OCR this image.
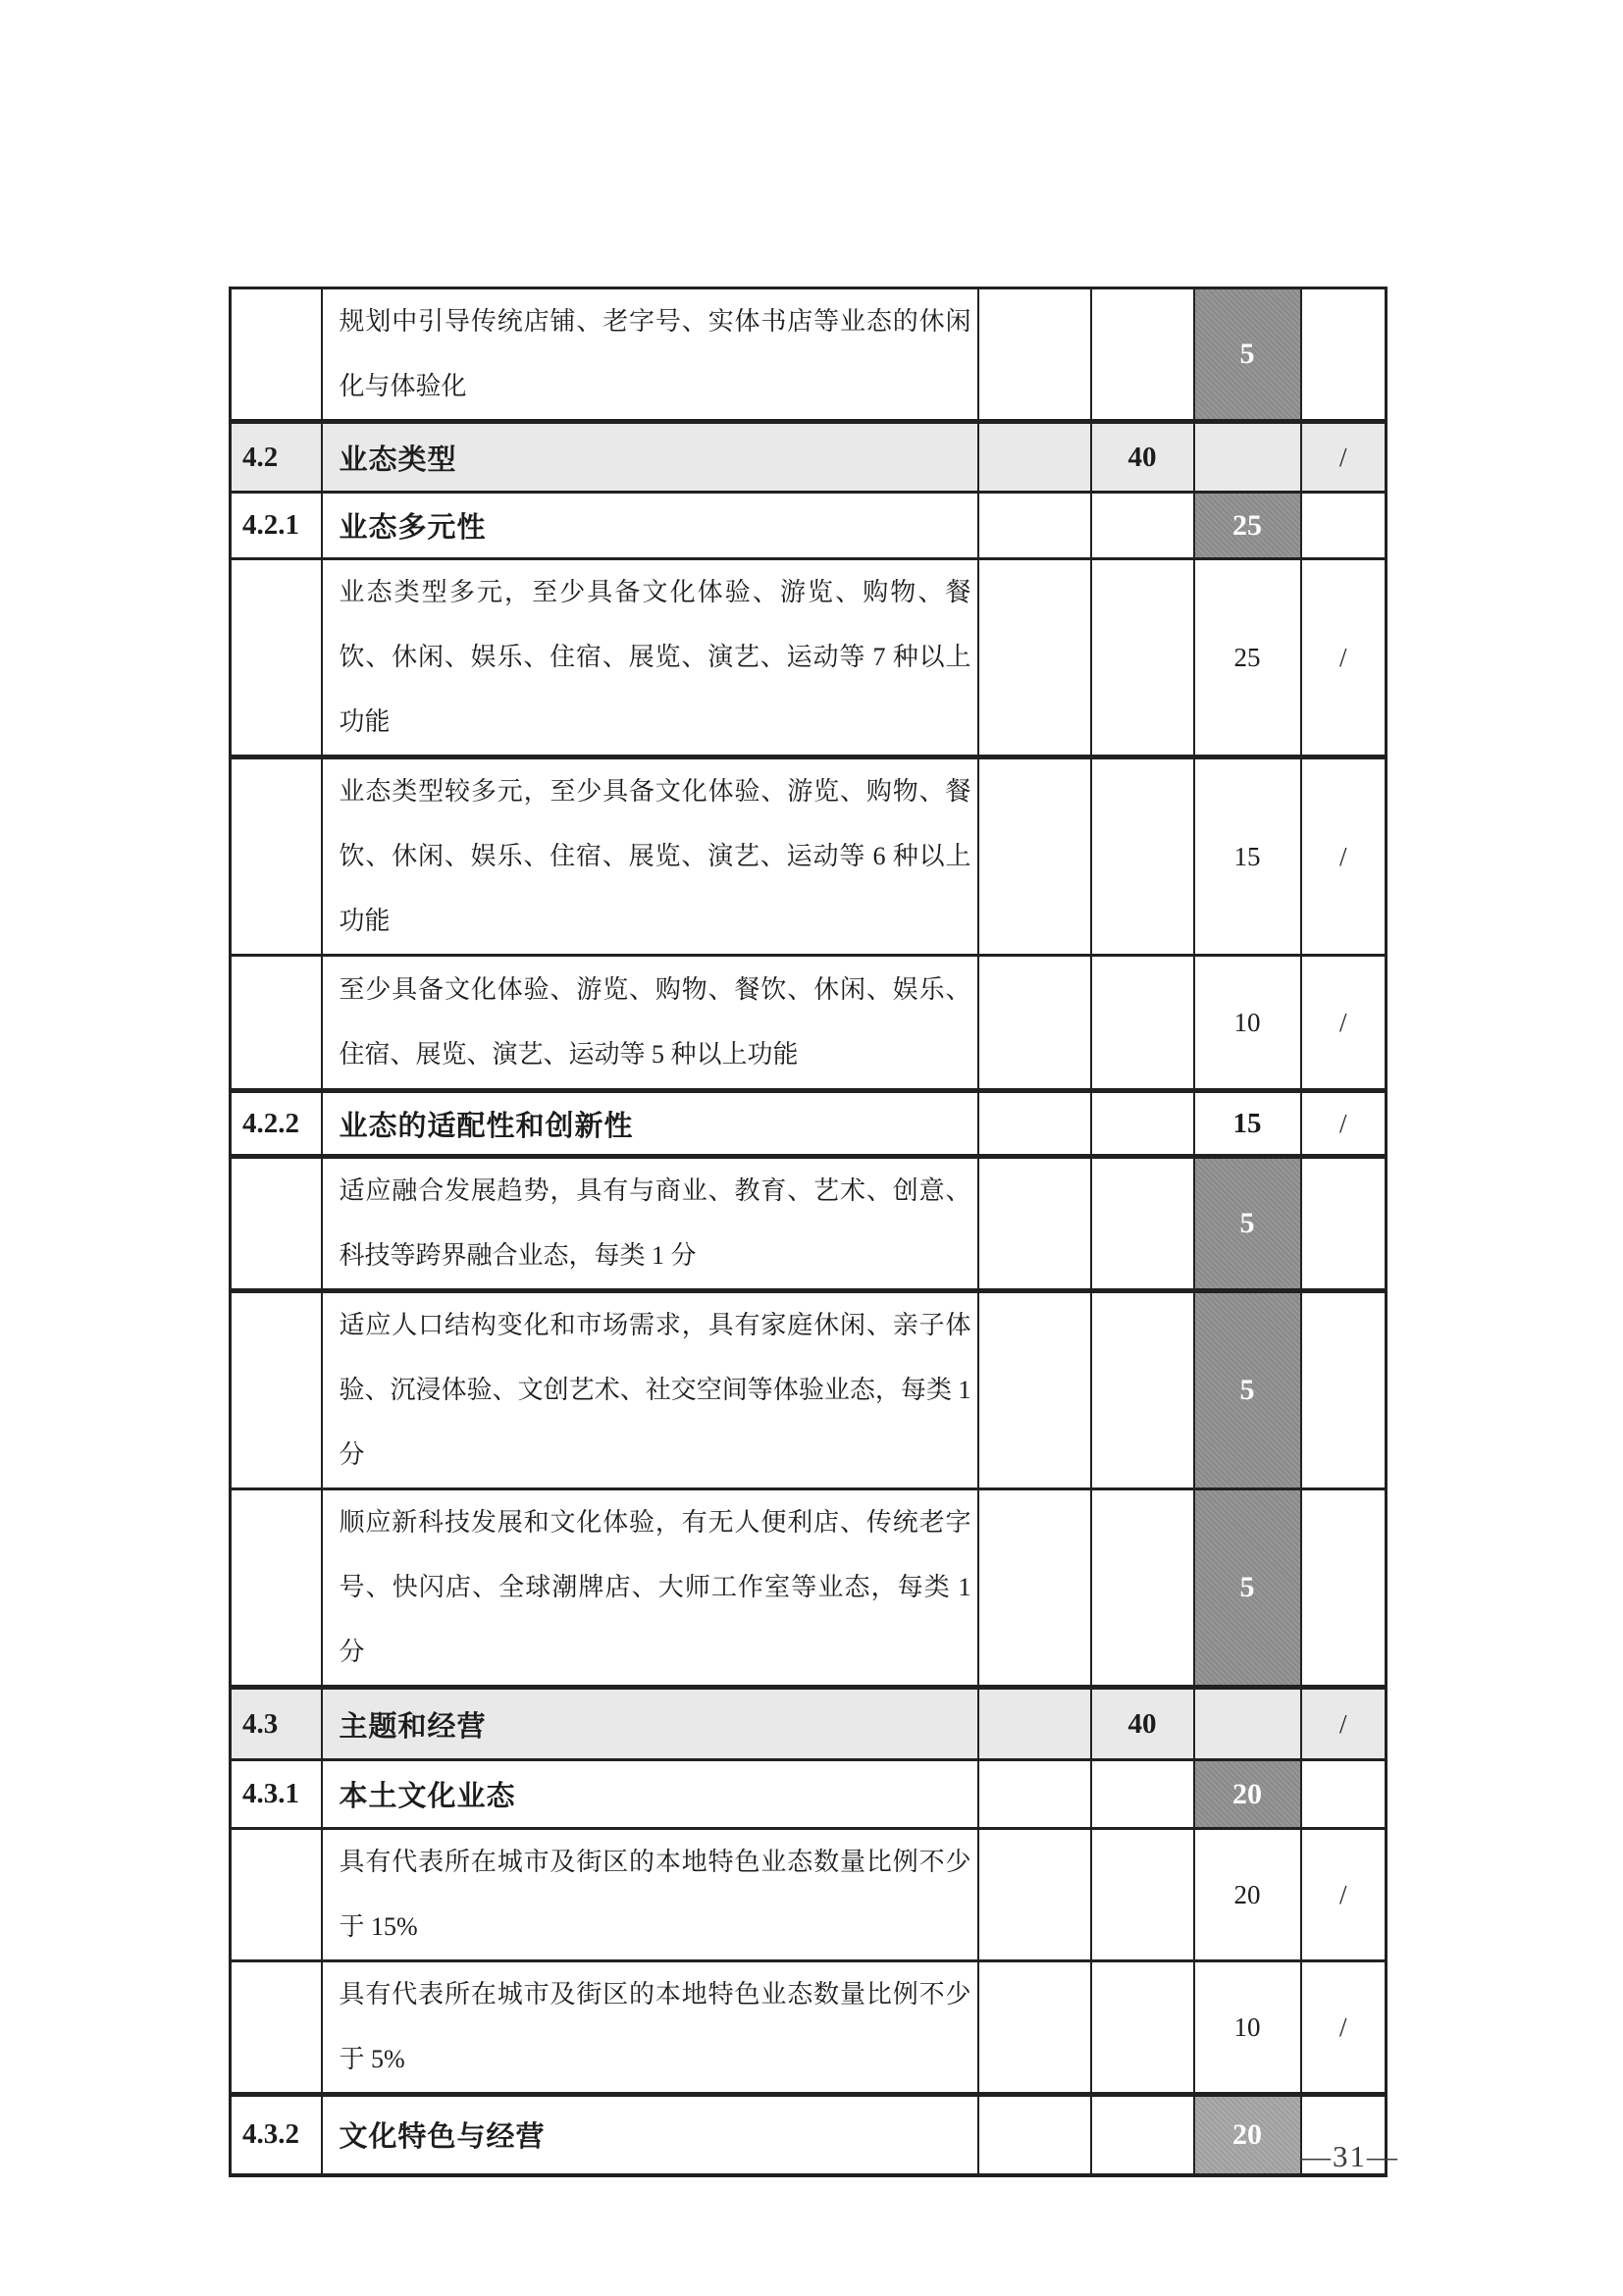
	规划中引导传统店铺、老字号、实体书店等业态的休闲化与体验化			5	
4.2	业态类型		40		/
4.2.1	业态多元性			25	
	业态类型多元，至少具备文化体验、游览、购物、餐饮、休闲、娱乐、住宿、展览、演艺、运动等 7 种以上功能			25	/
	业态类型较多元，至少具备文化体验、游览、购物、餐饮、休闲、娱乐、住宿、展览、演艺、运动等 6 种以上功能			15	/
	至少具备文化体验、游览、购物、餐饮、休闲、娱乐、住宿、展览、演艺、运动等 5 种以上功能			10	/
4.2.2	业态的适配性和创新性			15	/
	适应融合发展趋势，具有与商业、教育、艺术、创意、科技等跨界融合业态，每类 1 分			5	
	适应人口结构变化和市场需求，具有家庭休闲、亲子体验、沉浸体验、文创艺术、社交空间等体验业态，每类 1 分			5	
	顺应新科技发展和文化体验，有无人便利店、传统老字号、快闪店、全球潮牌店、大师工作室等业态，每类 1 分			5	
4.3	主题和经营		40		/
4.3.1	本土文化业态			20	
	具有代表所在城市及街区的本地特色业态数量比例不少于 15%			20	/
	具有代表所在城市及街区的本地特色业态数量比例不少于 5%			10	/
4.3.2	文化特色与经营			20	
—31—
